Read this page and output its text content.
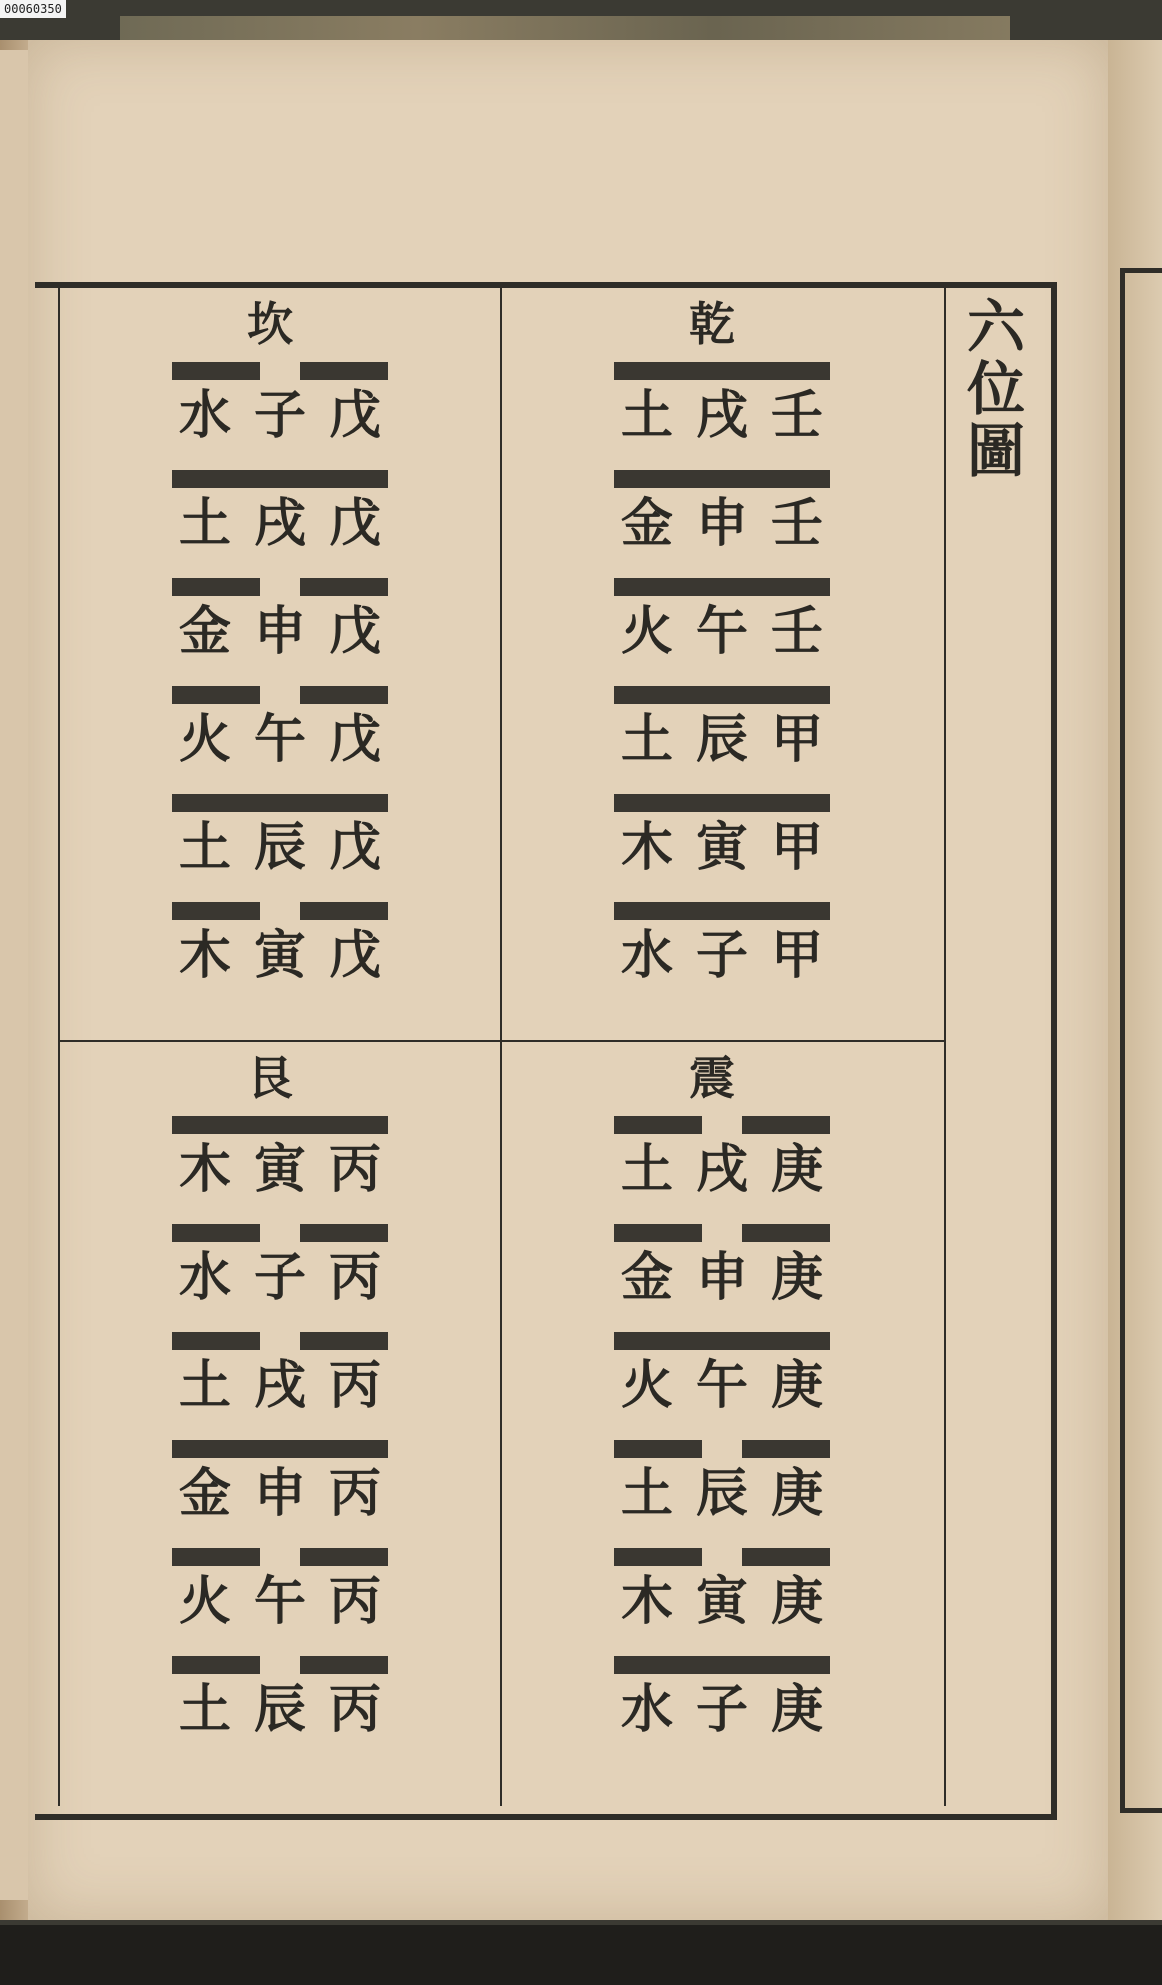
00060350
六位圖
乾
土 戌 壬
金 申 壬
火 午 壬
土 辰 甲
木 寅 甲
水 子 甲
坎
水 子 戊
土 戌 戊
金 申 戊
火 午 戊
土 辰 戊
木 寅 戊
震
土 戌 庚
金 申 庚
火 午 庚
土 辰 庚
木 寅 庚
水 子 庚
艮
木 寅 丙
水 子 丙
土 戌 丙
金 申 丙
火 午 丙
土 辰 丙
